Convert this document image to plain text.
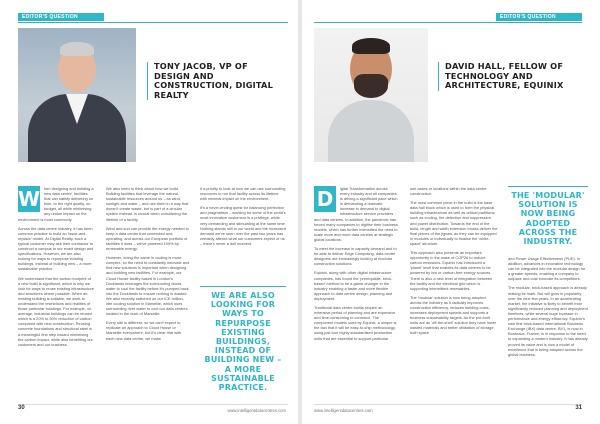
EDITOR'S QUESTION
TONY JACOB, VP OF DESIGN AND CONSTRUCTION, DIGITAL REALTY
W	hen designing and building a new data centre, facilities that can satisfy delivering on time, to the right quality, on budget, all while minimising any undue impact on the environment is most commonly.

Across the data centre industry, it has been common practice to build an 'issue-and-replace' model. At Digital Realty, such a typical customer may ask their contractor to construct a campus to our exact design and specifications. However, we are also looking for ways to repurpose existing buildings, instead of building new – a more sustainable practice.

We understand that the carbon footprint of a new build is significant, which is why we look for ways to reuse existing infrastructure and structures where possible. When an existing building is suitable, we seek to understand the restrictions and realities of those particular buildings. For example, on average, industrial buildings can be reused which is a 20% to 30% reduction of carbon compared with new construction. Reusing concrete foundations and structural steel is a meaningful first step toward minimising the carbon impact, while also benefiting our customers and our business.

We also need to think about how we build. Building facilities that leverage the natural, sustainable resources around us – as wind, sunlight and water – and use them in a way that doesn't create waste, but is part of a circular system instead, is crucial when considering the lifetime of a facility.

Wind and sun can provide the energy needed to keep a data centre that connected and operating, and across our European portfolio of facilities it does – we've powered 100% by renewable energy.

However, doing the same in cooling is more complex, so the need to constantly innovate and find new solutions is important when designing and building new facilities. For example, our Cloud House facility based in London's Docklands leverages the surrounding docks water to cool the facility before it's pumped back into the Docklands to ensure nothing is wasted. We also recently switched on our ICE million-litre cooling solution in Marseille, which uses surrounding river water to cool our data centres located in the dock of Marseille.

Every site is different, so we can't expect to replicate an approach to Cloud House or Marseille everywhere, but it's clear that with each new data centre, we make

it a priority to look at how we can use surrounding resources to run that facility across its lifetime with minimal impact on the environment.

It's a never-ending quest for balancing perfection and pragmatism – working for some of the world's most innovative customers is a privilege, while very demanding and stimulating at the same time. Nothing stands still in our world and the increased demand we've seen over the past two years has certainly altered what our customers expect of us – there's never a dull moment.

WE ARE ALSO LOOKING FOR WAYS TO REPURPOSE EXISTING BUILDINGS, INSTEAD OF BUILDING NEW – A MORE SUSTAINABLE PRACTICE.
30	www.intelligentdatacentres.com
EDITOR'S QUESTION
DAVID HALL, FELLOW OF TECHNOLOGY AND ARCHITECTURE, EQUINIX
D	igital Transformation across every industry and all companies is driving a significant pace which is demanding a dramatic increase in demand to digital infrastructure service providers and data centres. In addition, the pandemic has forced many companies to digitise their business models, which has further intensified the need to scale more and more data centres at strategic global locations.

To meet the increase in capacity demand and to be able to deliver Edge Computing, data centre designers are increasingly looking at modular construction solutions.

Equinix, along with other digital infrastructure companies, has found the 'prerequisite, brick-based' method to be a game-changer in the industry enabling a faster and more flexible approach to data centre design, planning and deployment.

Traditional data centre builds require an extensive period of planning and are expensive and time-consuming to construct. The component models used by Equinix, a unique is the fact that it will be easy-to-ship methodology, using just four highly standardised production units that are essential to support particular

use cases or locations within the data centre construction.

The most common piece in the build is the base data hall block which is used to form the physical building infrastructure as well as critical partitions; such as cooling, fire detection and suppression and power distribution. Towards the end of the build, length and width extension blocks deliver the final pieces of the jigsaw, as they can be equipped in modules or individually to finalise the 'white-space' structure.

This approach also presents an important opportunity in the wake of COP26 to reduce carbon emissions. Equinix has introduced a 'planet' level that enables its data centres to be powered by low or carbon-free energy sources. There is also a new level of integration between the facility and the electrical grid which is supporting intermittent renewables.

The 'modular' solution is now being adopted across the industry as it radically improves construction efficiency, reduces building costs, increases deployment speeds and supports a business sustainability targets. As the pre-built units are an 'off-the-shelf' solution they have lower wasted materials and better utilisation of storage, both space

THE 'MODULAR' SOLUTION IS NOW BEING ADOPTED ACROSS THE INDUSTRY.

and Power Usage Effectiveness (PUE). In addition, advances in innovative technology can be integrated into the modular design for a greater speeds, enabling a company to outpace and cost innovate its competitors.

The modular, brick-based approach is already making its mark. But will grow in popularity over the next few years. In an accelerating market, the initiative is likely to benefit from significantly reduced planning and deployment timelines, while several huge increase in performance and energy efficiency. Equinix's own first brick-based International Business Exchange (IBX) data centre, BX1, is now in Bordeaux, France, is in response to the need to expanding a modern industry. It has already proved its value and is now a model of excellence that is being adopted across the global business.

www.intelligentdatacentres.com	31
